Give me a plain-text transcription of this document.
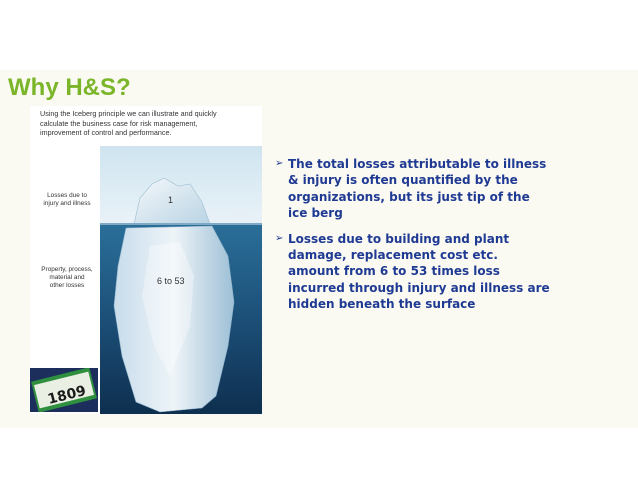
Why H&S?
Using the Iceberg principle we can illustrate and quickly
calculate the business case for risk management,
improvement of control and performance.
Losses due to
injury and illness
Property, process,
material and
other losses
1
6 to 53
1809
➢ The total losses attributable to illness
& injury is often quantified by the
organizations, but its just tip of the
ice berg
➢ Losses due to building and plant
damage, replacement cost etc.
amount from 6 to 53 times loss
incurred through injury and illness are
hidden beneath the surface
